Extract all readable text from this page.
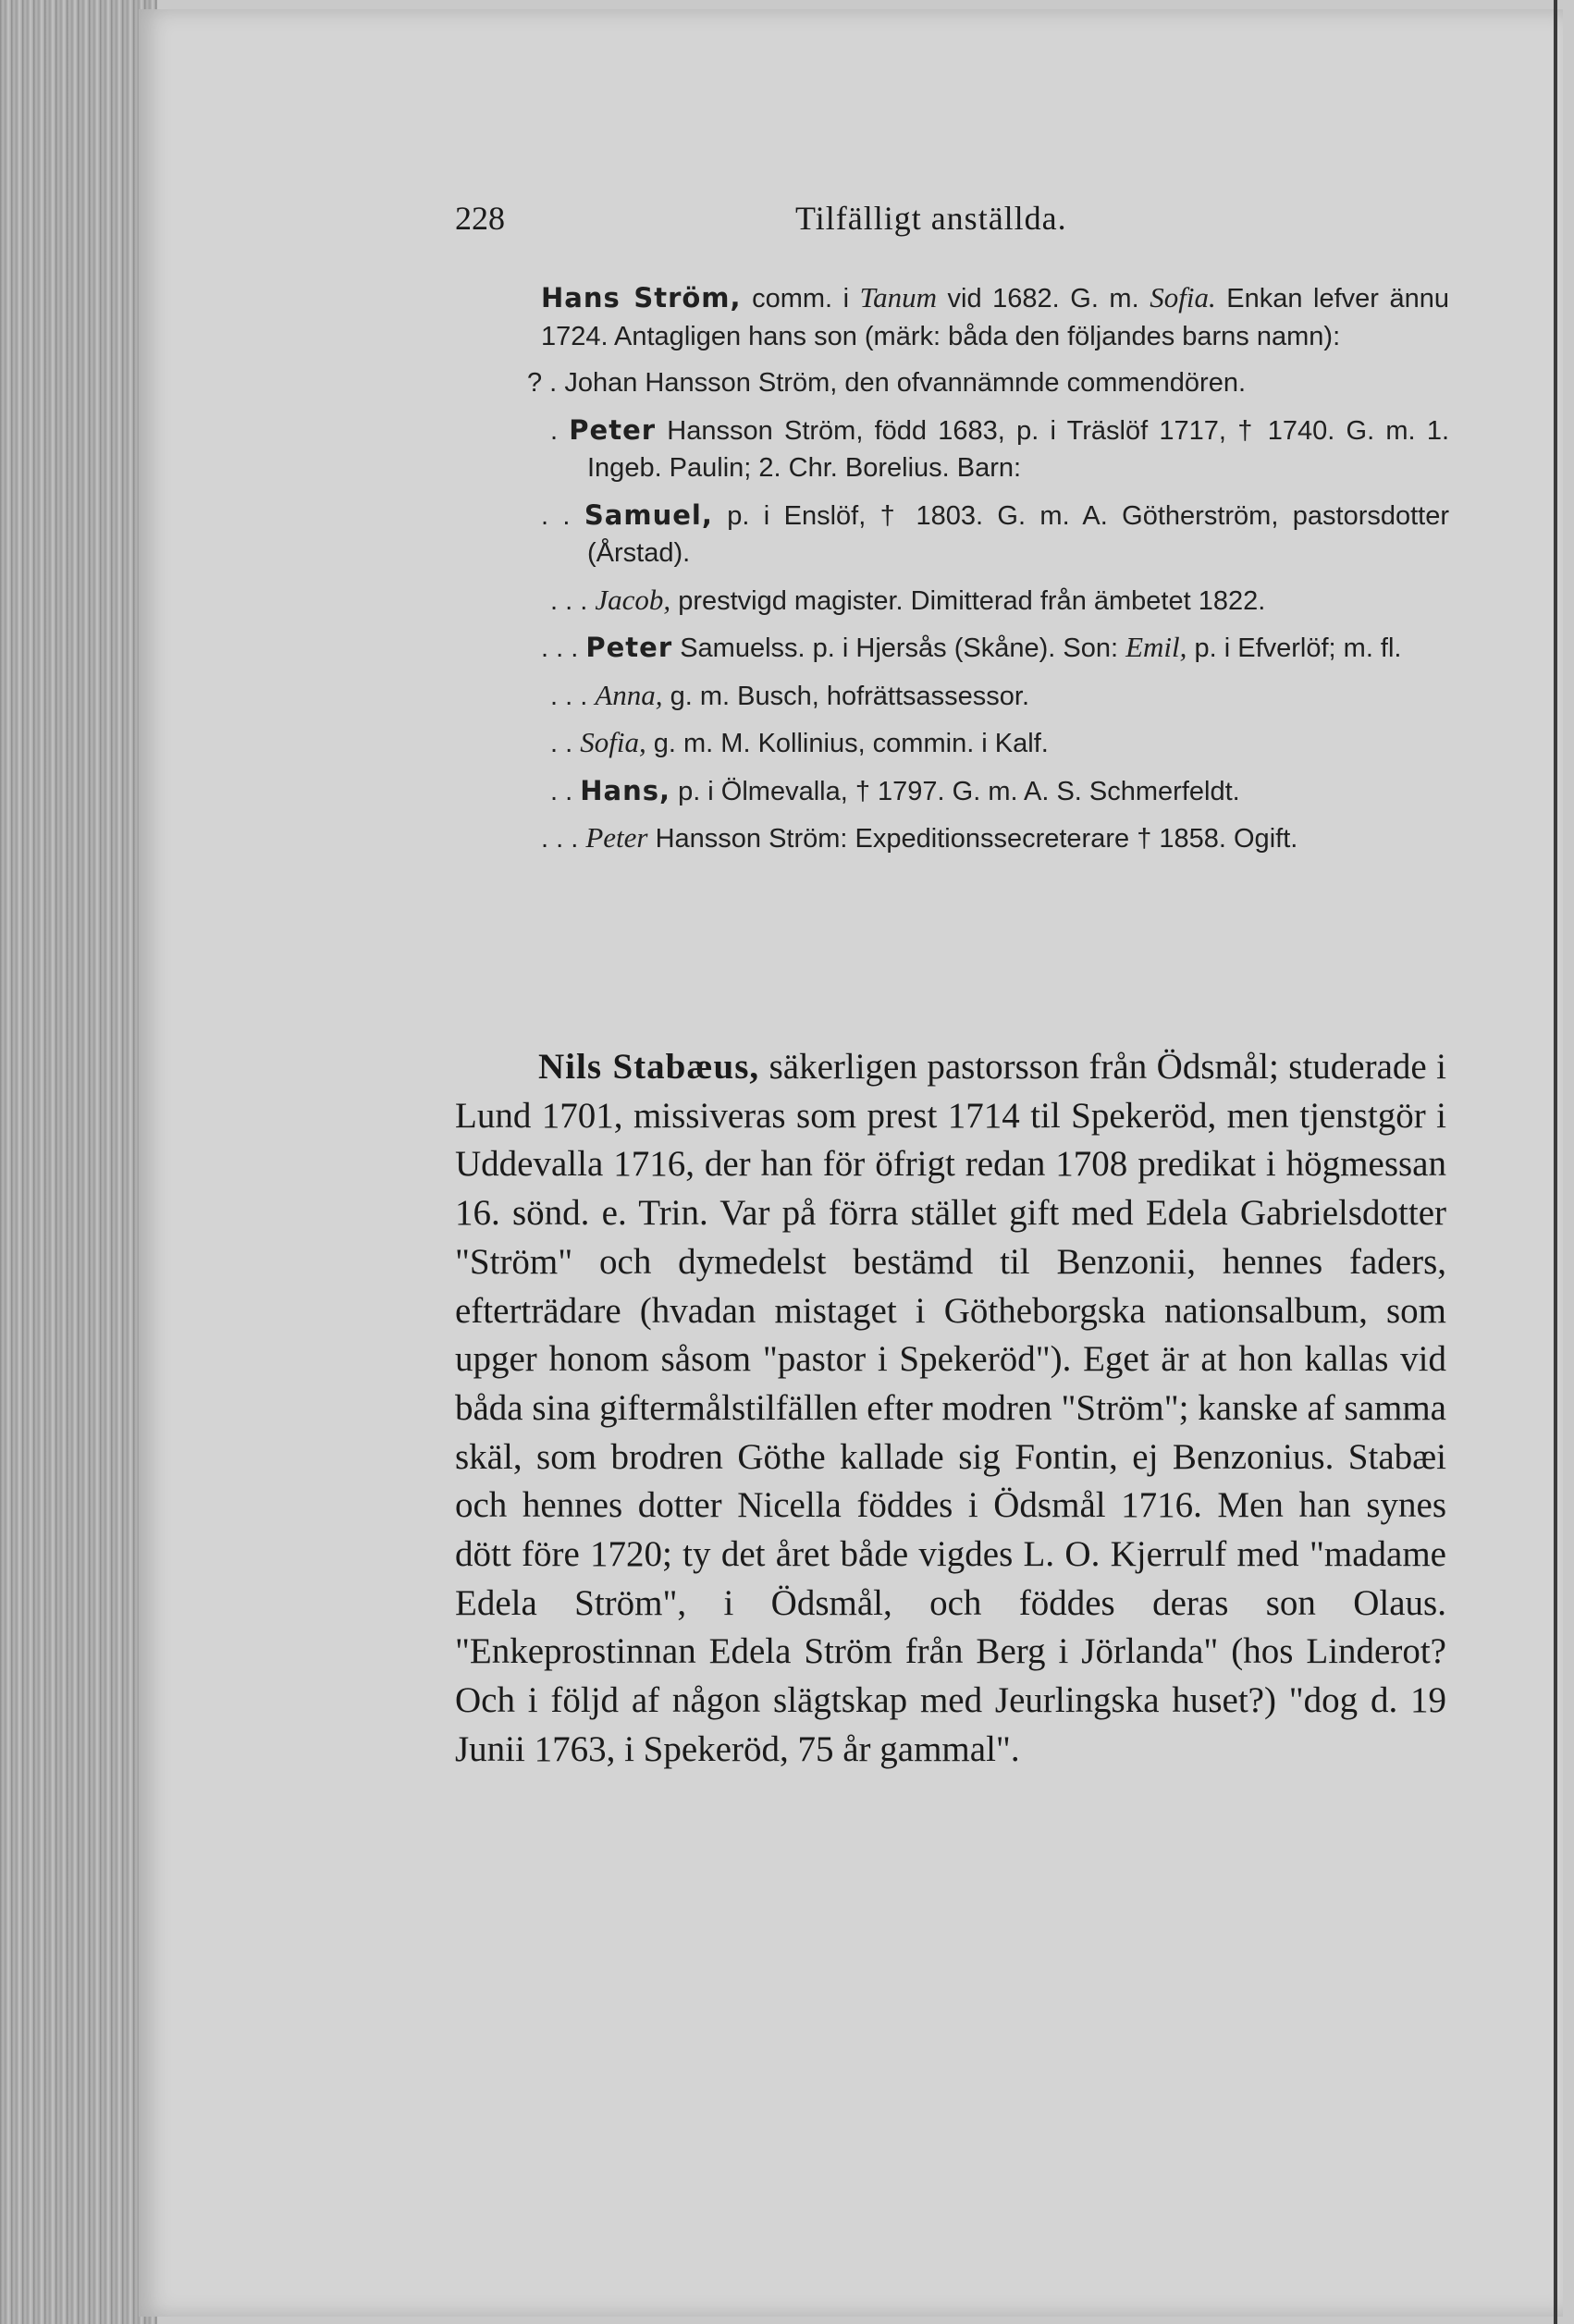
228	Tilfälligt anställda.
Hans Ström, comm. i Tanum vid 1682. G. m. Sofia. Enkan lefver ännu 1724. Antagligen hans son (märk: båda den följandes barns namn):
? . Johan Hansson Ström, den ofvannämnde commendören.
. Peter Hansson Ström, född 1683, p. i Träslöf 1717, † 1740. G. m. 1. Ingeb. Paulin; 2. Chr. Borelius. Barn:
. . Samuel, p. i Enslöf, † 1803. G. m. A. Götherström, pastorsdotter (Årstad).
. . . Jacob, prestvigd magister. Dimitterad från ämbetet 1822.
. . . Peter Samuelss. p. i Hjersås (Skåne). Son: Emil, p. i Efverlöf; m. fl.
. . . Anna, g. m. Busch, hofrättsassessor.
. . Sofia, g. m. M. Kollinius, commin. i Kalf.
. . Hans, p. i Ölmevalla, † 1797. G. m. A. S. Schmerfeldt.
. . . Peter Hansson Ström: Expeditionssecreterare † 1858. Ogift.

Nils Stabæus, säkerligen pastorsson från Ödsmål; studerade i Lund 1701, missiveras som prest 1714 til Spekeröd, men tjenstgör i Uddevalla 1716, der han för öfrigt redan 1708 predikat i högmessan 16. sönd. e. Trin. Var på förra stället gift med Edela Gabrielsdotter "Ström" och dymedelst bestämd til Benzonii, hennes faders, efterträdare (hvadan mistaget i Götheborgska nationsalbum, som upger honom såsom "pastor i Spekeröd"). Eget är at hon kallas vid båda sina giftermålstilfällen efter modren "Ström"; kanske af samma skäl, som brodren Göthe kallade sig Fontin, ej Benzonius. Stabæi och hennes dotter Nicella föddes i Ödsmål 1716. Men han synes dött före 1720; ty det året både vigdes L. O. Kjerrulf med "madame Edela Ström", i Ödsmål, och föddes deras son Olaus. "Enkeprostinnan Edela Ström från Berg i Jörlanda" (hos Linderot? Och i följd af någon slägtskap med Jeurlingska huset?) "dog d. 19 Junii 1763, i Spekeröd, 75 år gammal".
